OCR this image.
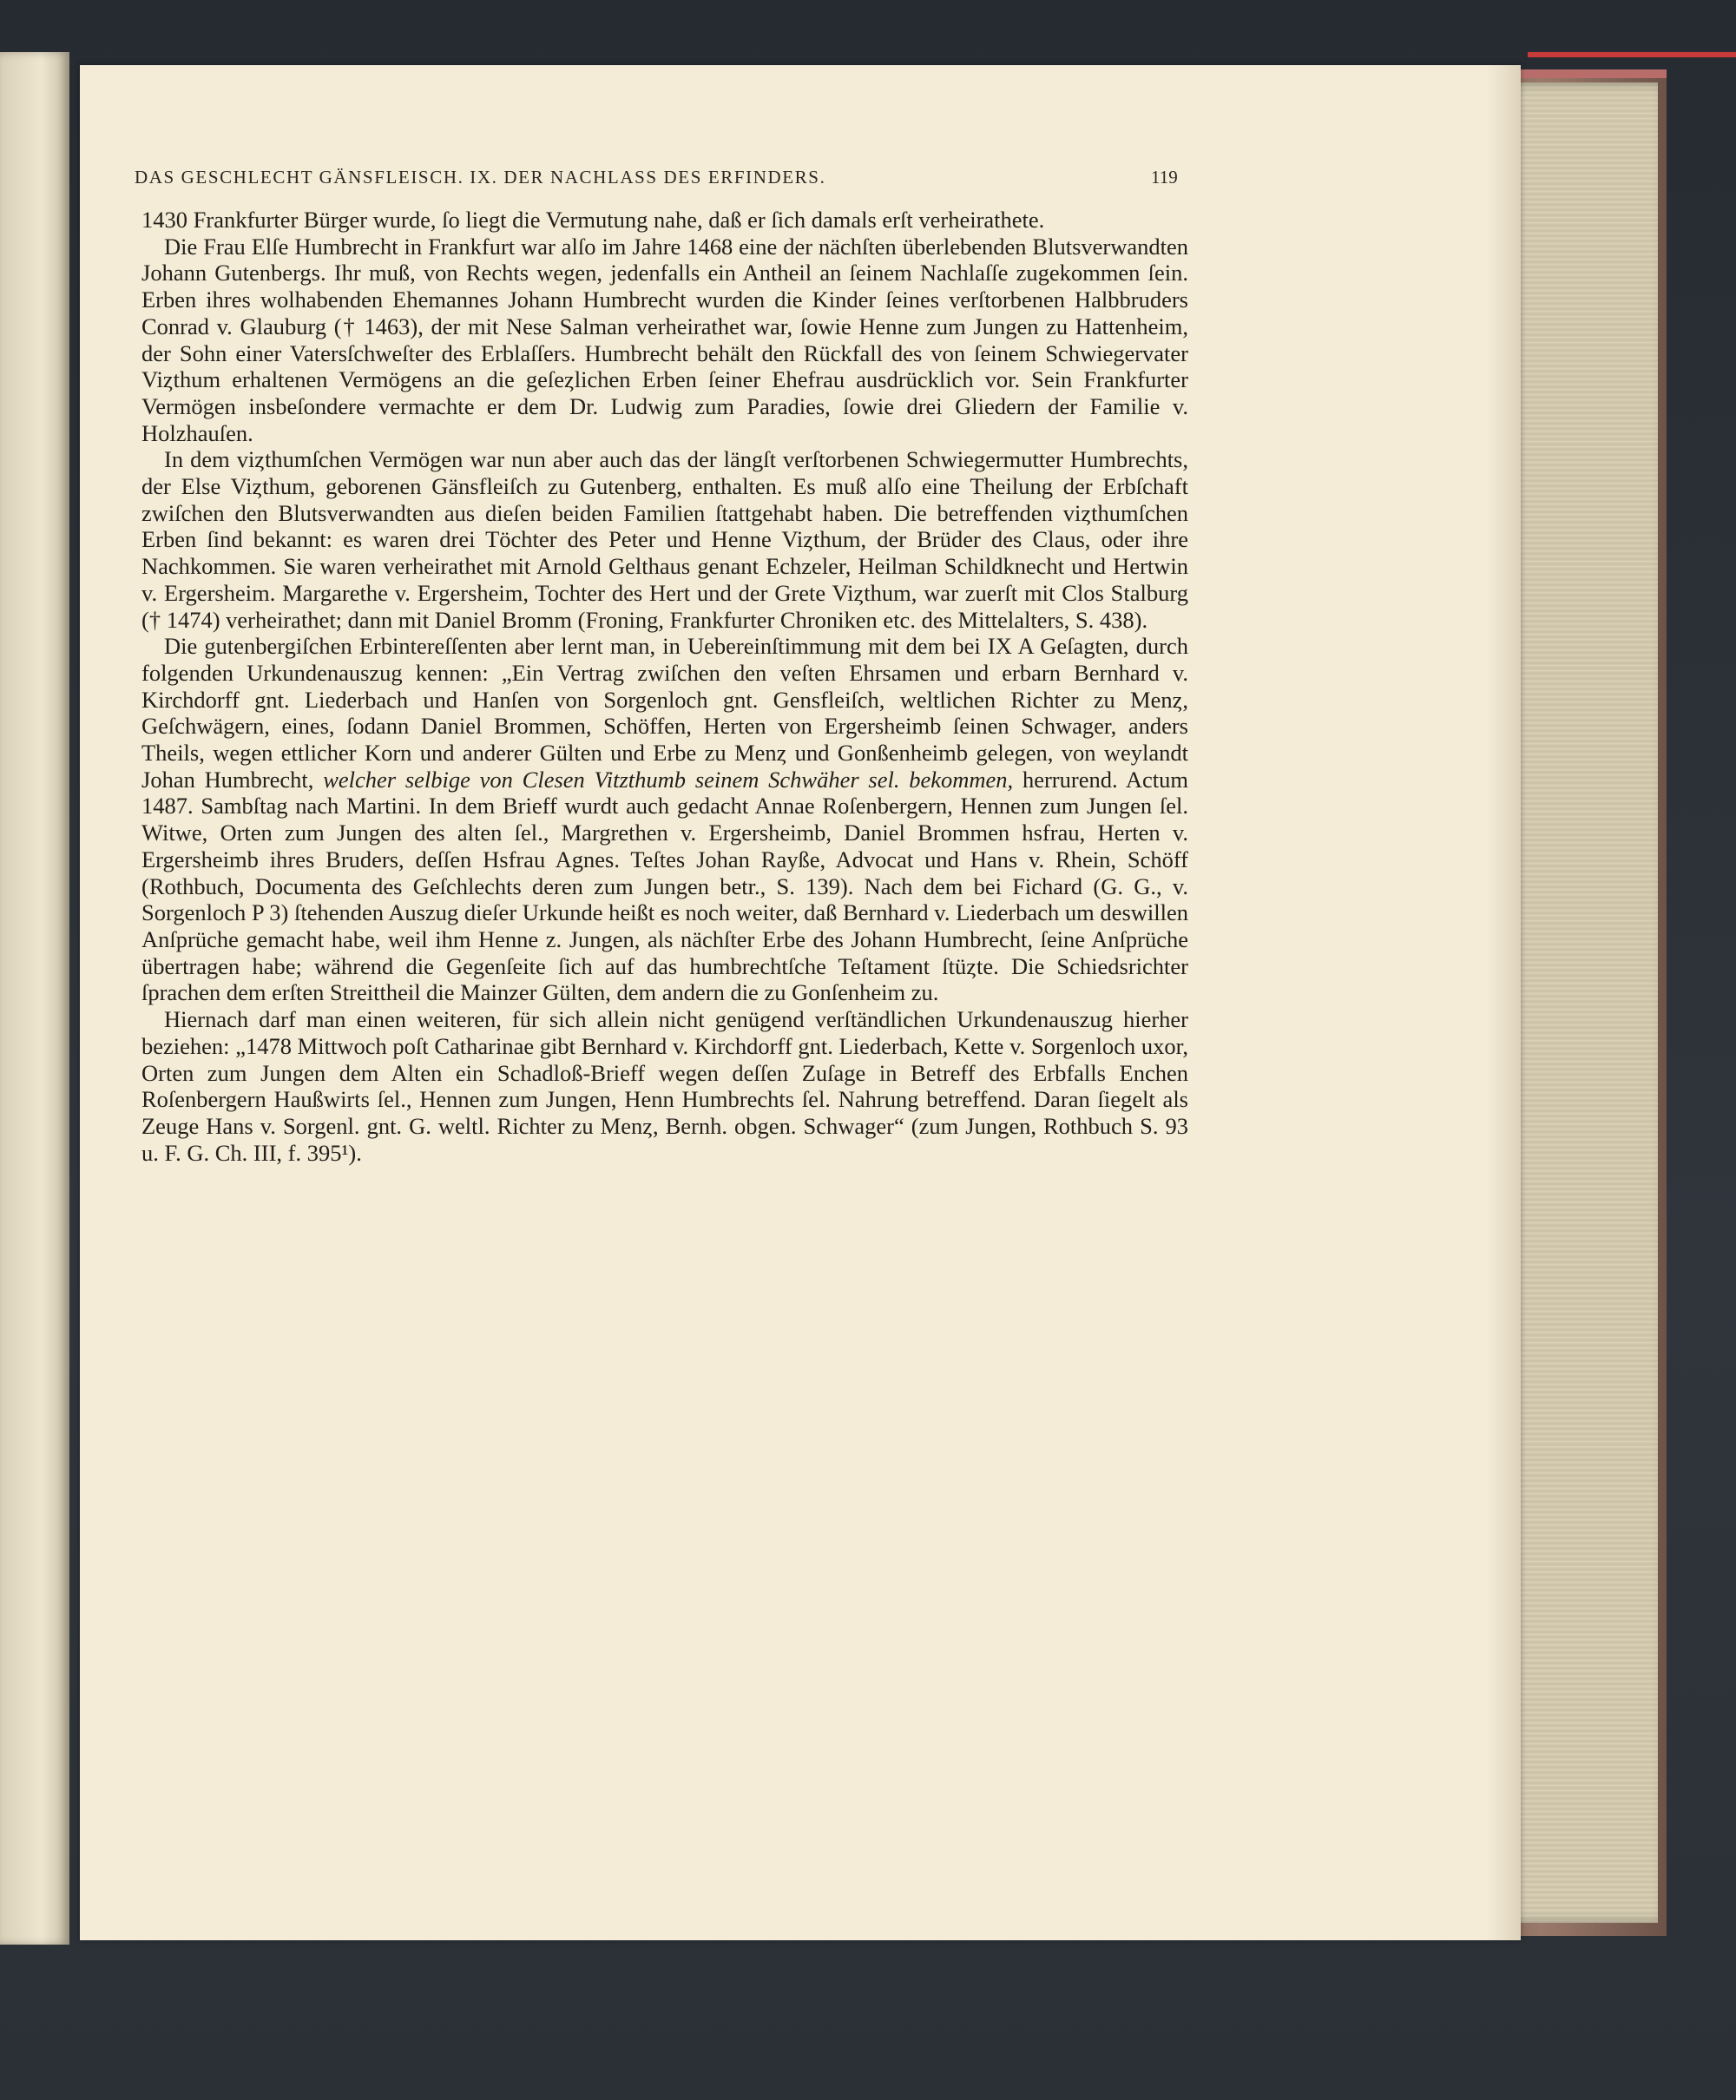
DAS GESCHLECHT GÄNSFLEISCH. IX. DER NACHLASS DES ERFINDERS.	119

1430 Frankfurter Bürger wurde, ſo liegt die Vermutung nahe, daß er ſich damals erſt verheirathete.

Die Frau Elſe Humbrecht in Frankfurt war alſo im Jahre 1468 eine der nächſten überlebenden Blutsverwandten Johann Gutenbergs. Ihr muß, von Rechts wegen, jedenfalls ein Antheil an ſeinem Nachlaſſe zugekommen ſein. Erben ihres wolhabenden Ehemannes Johann Humbrecht wurden die Kinder ſeines verſtorbenen Halbbruders Conrad v. Glauburg († 1463), der mit Nese Salman verheirathet war, ſowie Henne zum Jungen zu Hattenheim, der Sohn einer Vatersſchweſter des Erblaſſers. Humbrecht behält den Rückfall des von ſeinem Schwiegervater Viȥthum erhaltenen Vermögens an die geſeȥlichen Erben ſeiner Ehefrau ausdrücklich vor. Sein Frankfurter Vermögen insbeſondere vermachte er dem Dr. Ludwig zum Paradies, ſowie drei Gliedern der Familie v. Holzhauſen.

In dem viȥthumſchen Vermögen war nun aber auch das der längſt verſtorbenen Schwiegermutter Humbrechts, der Else Viȥthum, geborenen Gänsfleiſch zu Gutenberg, enthalten. Es muß alſo eine Theilung der Erbſchaft zwiſchen den Blutsverwandten aus dieſen beiden Familien ſtattgehabt haben. Die betreffenden viȥthumſchen Erben ſind bekannt: es waren drei Töchter des Peter und Henne Viȥthum, der Brüder des Claus, oder ihre Nachkommen. Sie waren verheirathet mit Arnold Gelthaus genant Echzeler, Heilman Schildknecht und Hertwin v. Ergersheim. Margarethe v. Ergersheim, Tochter des Hert und der Grete Viȥthum, war zuerſt mit Clos Stalburg († 1474) verheirathet; dann mit Daniel Bromm (Froning, Frankfurter Chroniken etc. des Mittelalters, S. 438).

Die gutenbergiſchen Erbintereſſenten aber lernt man, in Uebereinſtimmung mit dem bei IX A Geſagten, durch folgenden Urkundenauszug kennen: „Ein Vertrag zwiſchen den veſten Ehrsamen und erbarn Bernhard v. Kirchdorff gnt. Liederbach und Hanſen von Sorgenloch gnt. Gensfleiſch, weltlichen Richter zu Menȥ, Geſchwägern, eines, ſodann Daniel Brommen, Schöffen, Herten von Ergersheimb ſeinen Schwager, anders Theils, wegen ettlicher Korn und anderer Gülten und Erbe zu Menȥ und Gonßenheimb gelegen, von weylandt Johan Humbrecht, welcher selbige von Clesen Vitzthumb seinem Schwäher sel. bekommen, herrurend. Actum 1487. Sambſtag nach Martini. In dem Brieff wurdt auch gedacht Annae Roſenbergern, Hennen zum Jungen ſel. Witwe, Orten zum Jungen des alten ſel., Margrethen v. Ergersheimb, Daniel Brommen hsfrau, Herten v. Ergersheimb ihres Bruders, deſſen Hsfrau Agnes. Teſtes Johan Rayße, Advocat und Hans v. Rhein, Schöff (Rothbuch, Documenta des Geſchlechts deren zum Jungen betr., S. 139). Nach dem bei Fichard (G. G., v. Sorgenloch P 3) ſtehenden Auszug dieſer Urkunde heißt es noch weiter, daß Bernhard v. Liederbach um deswillen Anſprüche gemacht habe, weil ihm Henne z. Jungen, als nächſter Erbe des Johann Humbrecht, ſeine Anſprüche übertragen habe; während die Gegenſeite ſich auf das humbrechtſche Teſtament ſtüȥte. Die Schiedsrichter ſprachen dem erſten Streittheil die Mainzer Gülten, dem andern die zu Gonſenheim zu.

Hiernach darf man einen weiteren, für sich allein nicht genügend verſtändlichen Urkundenauszug hierher beziehen: „1478 Mittwoch poſt Catharinae gibt Bernhard v. Kirchdorff gnt. Liederbach, Kette v. Sorgenloch uxor, Orten zum Jungen dem Alten ein Schadloß-Brieff wegen deſſen Zuſage in Betreff des Erbfalls Enchen Roſenbergern Haußwirts ſel., Hennen zum Jungen, Henn Humbrechts ſel. Nahrung betreffend. Daran ſiegelt als Zeuge Hans v. Sorgenl. gnt. G. weltl. Richter zu Menȥ, Bernh. obgen. Schwager“ (zum Jungen, Rothbuch S. 93 u. F. G. Ch. III, f. 395¹).
